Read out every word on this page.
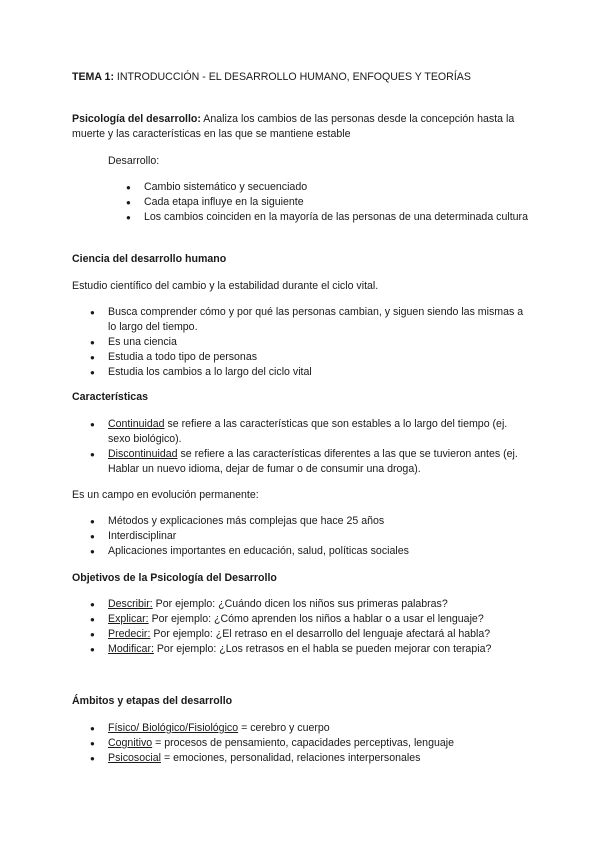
TEMA 1: INTRODUCCIÓN - EL DESARROLLO HUMANO, ENFOQUES Y TEORÍAS
Psicología del desarrollo: Analiza los cambios de las personas desde la concepción hasta la muerte y las características en las que se mantiene estable
Desarrollo:
● Cambio sistemático y secuenciado
● Cada etapa influye en la siguiente
● Los cambios coinciden en la mayoría de las personas de una determinada cultura
Ciencia del desarrollo humano
Estudio científico del cambio y la estabilidad durante el ciclo vital.
● Busca comprender cómo y por qué las personas cambian, y siguen siendo las mismas a lo largo del tiempo.
● Es una ciencia
● Estudia a todo tipo de personas
● Estudia los cambios a lo largo del ciclo vital
Características
● Continuidad se refiere a las características que son estables a lo largo del tiempo (ej. sexo biológico).
● Discontinuidad se refiere a las características diferentes a las que se tuvieron antes (ej. Hablar un nuevo idioma, dejar de fumar o de consumir una droga).
Es un campo en evolución permanente:
● Métodos y explicaciones más complejas que hace 25 años
● Interdisciplinar
● Aplicaciones importantes en educación, salud, políticas sociales
Objetivos de la Psicología del Desarrollo
● Describir: Por ejemplo: ¿Cuándo dicen los niños sus primeras palabras?
● Explicar: Por ejemplo: ¿Cómo aprenden los niños a hablar o a usar el lenguaje?
● Predecir: Por ejemplo: ¿El retraso en el desarrollo del lenguaje afectará al habla?
● Modificar: Por ejemplo: ¿Los retrasos en el habla se pueden mejorar con terapia?
Ámbitos y etapas del desarrollo
● Físico/ Biológico/Fisiológico = cerebro y cuerpo
● Cognitivo = procesos de pensamiento, capacidades perceptivas, lenguaje
● Psicosocial = emociones, personalidad, relaciones interpersonales
